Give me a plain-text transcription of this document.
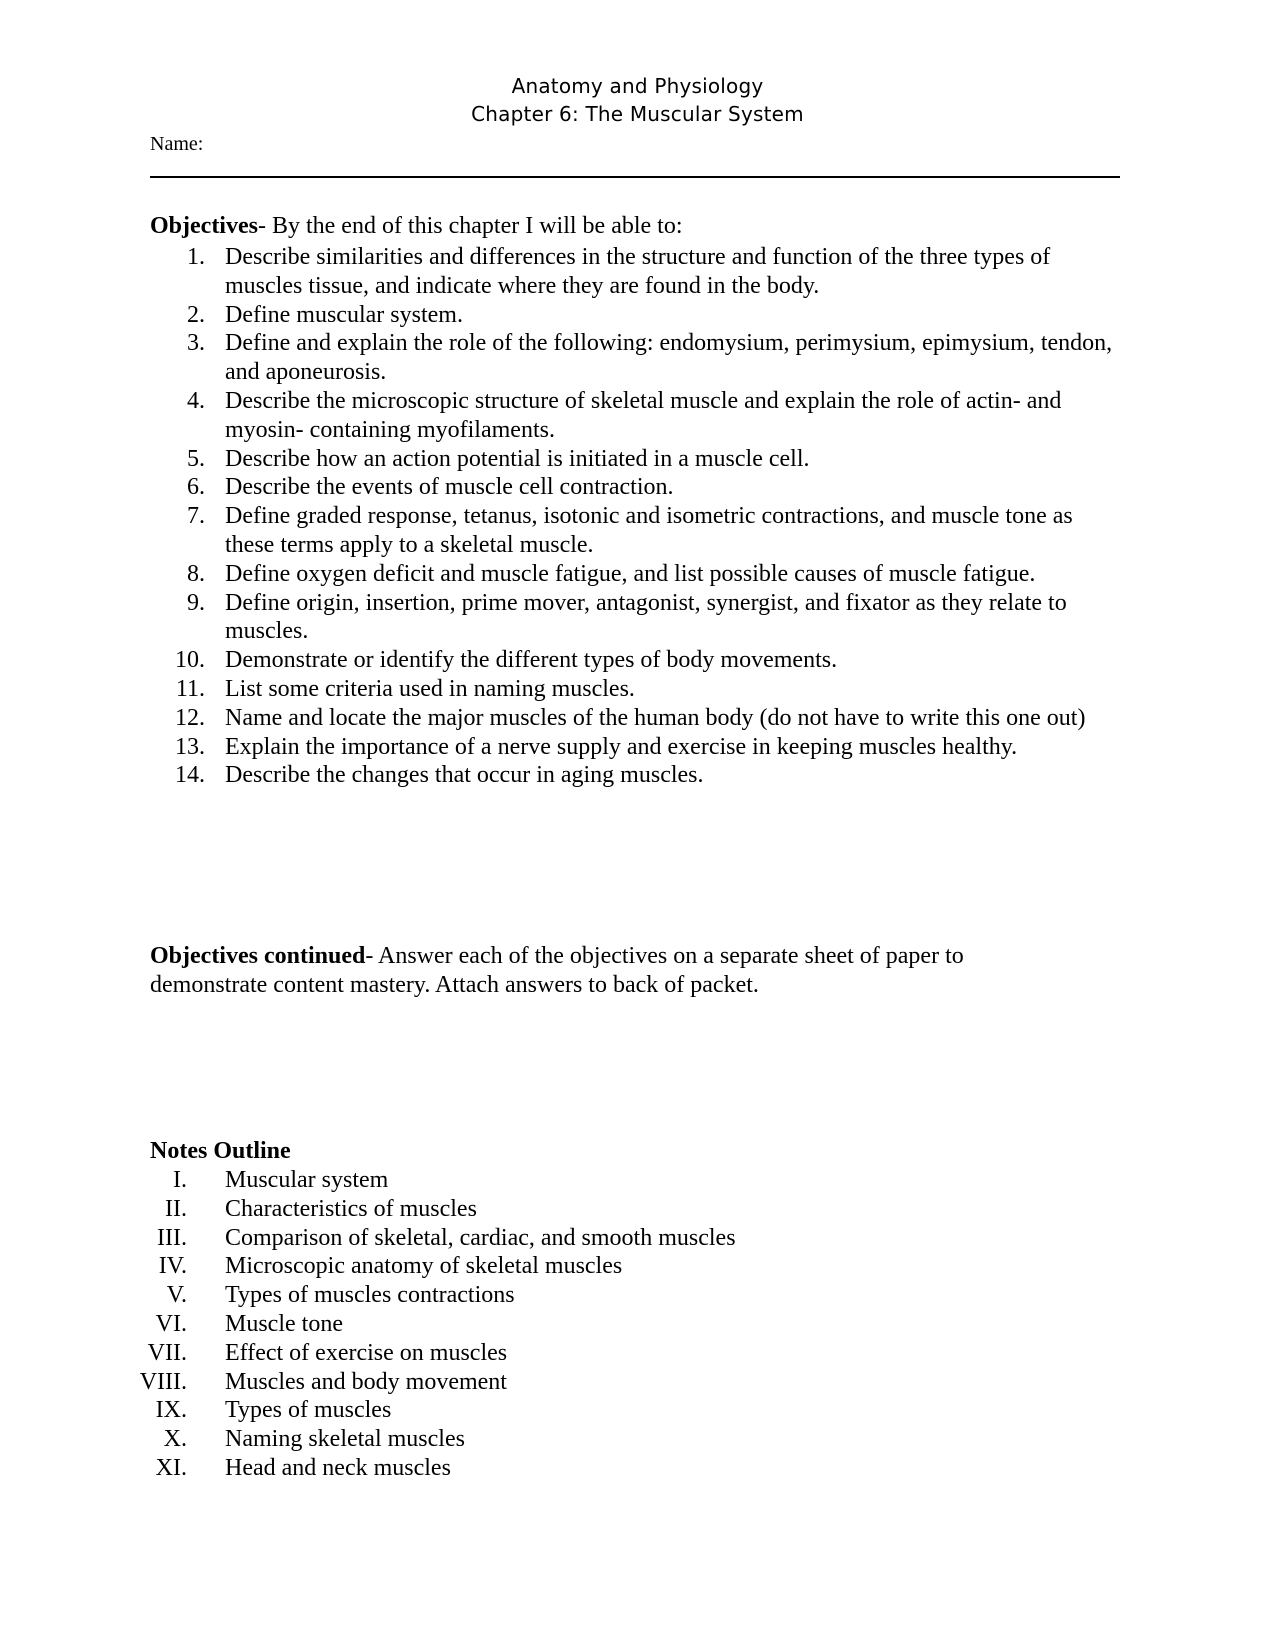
Anatomy and Physiology
Chapter 6: The Muscular System
Name:
Objectives- By the end of this chapter I will be able to:
1. Describe similarities and differences in the structure and function of the three types of muscles tissue, and indicate where they are found in the body.
2. Define muscular system.
3. Define and explain the role of the following: endomysium, perimysium, epimysium, tendon, and aponeurosis.
4. Describe the microscopic structure of skeletal muscle and explain the role of actin- and myosin- containing myofilaments.
5. Describe how an action potential is initiated in a muscle cell.
6. Describe the events of muscle cell contraction.
7. Define graded response, tetanus, isotonic and isometric contractions, and muscle tone as these terms apply to a skeletal muscle.
8. Define oxygen deficit and muscle fatigue, and list possible causes of muscle fatigue.
9. Define origin, insertion, prime mover, antagonist, synergist, and fixator as they relate to muscles.
10. Demonstrate or identify the different types of body movements.
11. List some criteria used in naming muscles.
12. Name and locate the major muscles of the human body (do not have to write this one out)
13. Explain the importance of a nerve supply and exercise in keeping muscles healthy.
14. Describe the changes that occur in aging muscles.
Objectives continued- Answer each of the objectives on a separate sheet of paper to
demonstrate content mastery. Attach answers to back of packet.
Notes Outline
I. Muscular system
II. Characteristics of muscles
III. Comparison of skeletal, cardiac, and smooth muscles
IV. Microscopic anatomy of skeletal muscles
V. Types of muscles contractions
VI. Muscle tone
VII. Effect of exercise on muscles
VIII. Muscles and body movement
IX. Types of muscles
X. Naming skeletal muscles
XI. Head and neck muscles
